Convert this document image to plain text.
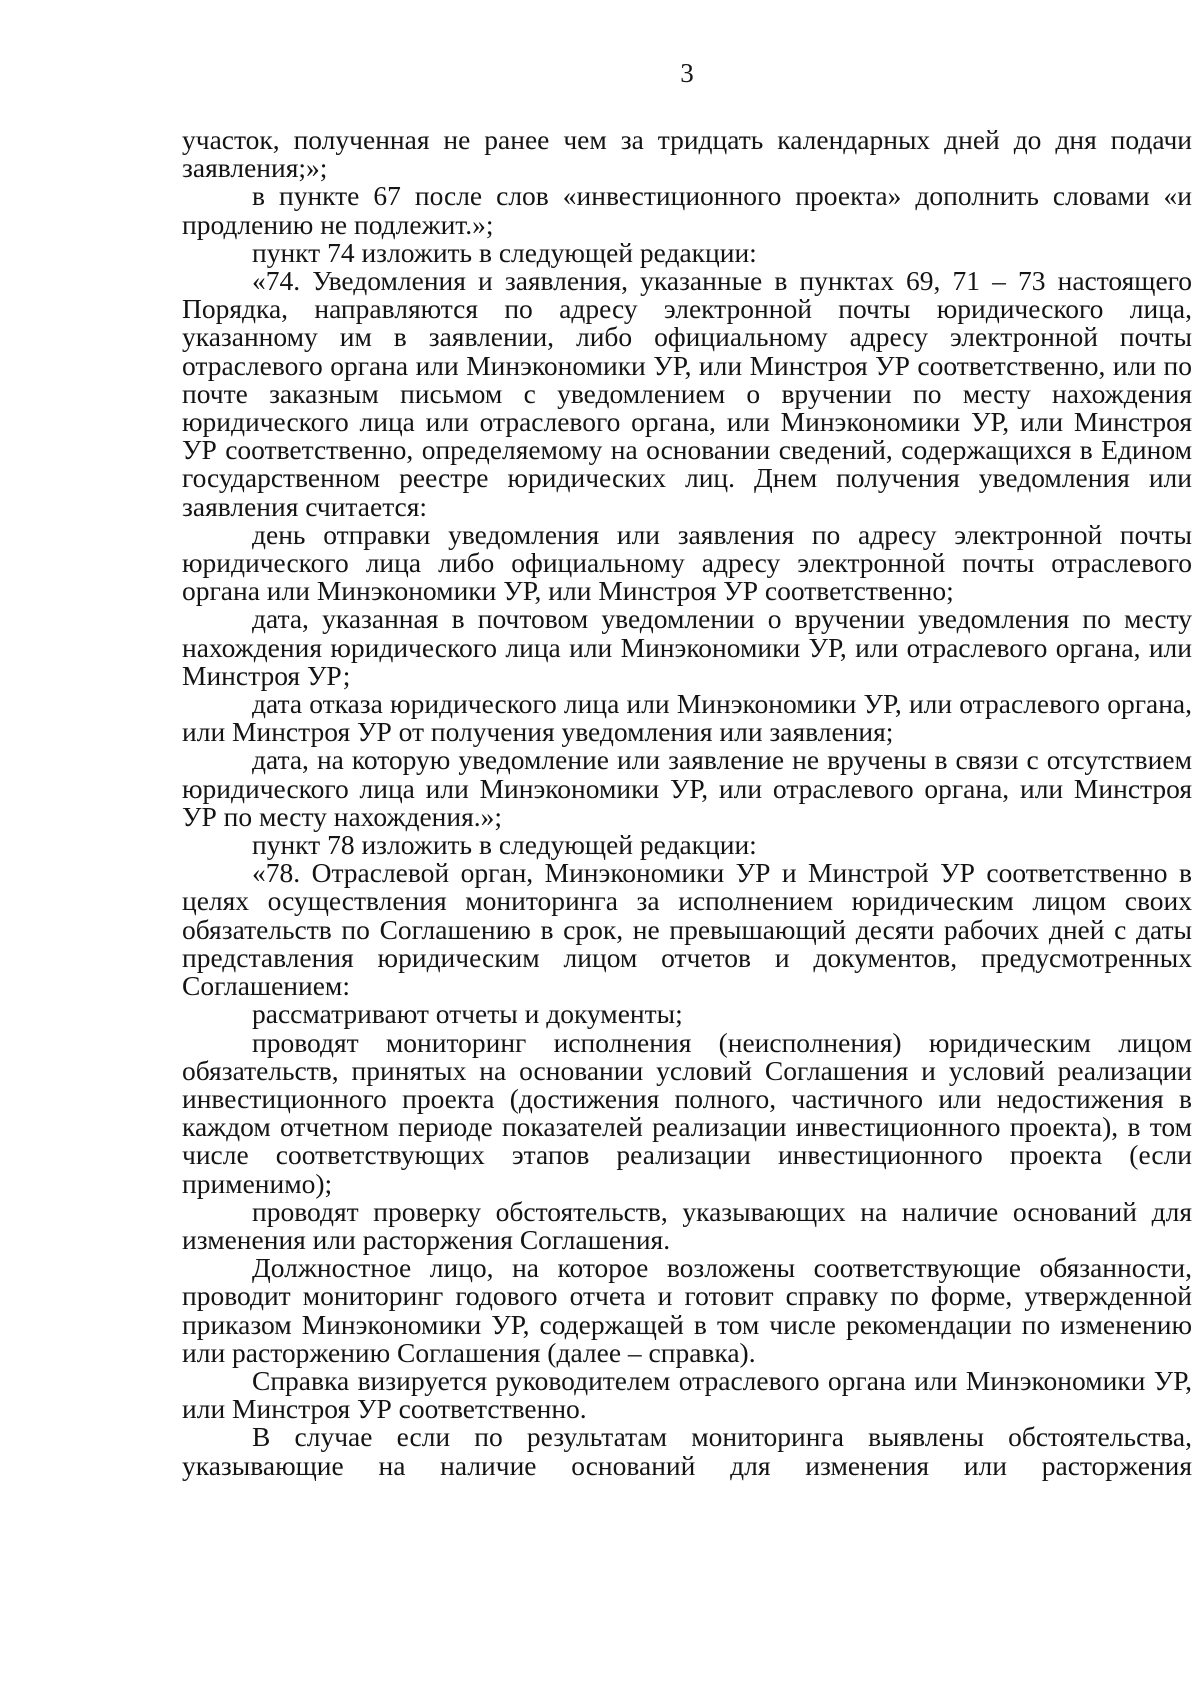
3

участок, полученная не ранее чем за тридцать календарных дней до дня подачи заявления;»;

в пункте 67 после слов «инвестиционного проекта» дополнить словами «и продлению не подлежит.»;

пункт 74 изложить в следующей редакции:

«74. Уведомления и заявления, указанные в пунктах 69, 71 – 73 настоящего Порядка, направляются по адресу электронной почты юридического лица, указанному им в заявлении, либо официальному адресу электронной почты отраслевого органа или Минэкономики УР, или Минстроя УР соответственно, или по почте заказным письмом с уведомлением о вручении по месту нахождения юридического лица или отраслевого органа, или Минэкономики УР, или Минстроя УР соответственно, определяемому на основании сведений, содержащихся в Едином государственном реестре юридических лиц. Днем получения уведомления или заявления считается:

день отправки уведомления или заявления по адресу электронной почты юридического лица либо официальному адресу электронной почты отраслевого органа или Минэкономики УР, или Минстроя УР соответственно;

дата, указанная в почтовом уведомлении о вручении уведомления по месту нахождения юридического лица или Минэкономики УР, или отраслевого органа, или Минстроя УР;

дата отказа юридического лица или Минэкономики УР, или отраслевого органа, или Минстроя УР от получения уведомления или заявления;

дата, на которую уведомление или заявление не вручены в связи с отсутствием юридического лица или Минэкономики УР, или отраслевого органа, или Минстроя УР по месту нахождения.»;

пункт 78 изложить в следующей редакции:

«78. Отраслевой орган, Минэкономики УР и Минстрой УР соответственно в целях осуществления мониторинга за исполнением юридическим лицом своих обязательств по Соглашению в срок, не превышающий десяти рабочих дней с даты представления юридическим лицом отчетов и документов, предусмотренных Соглашением:

рассматривают отчеты и документы;

проводят мониторинг исполнения (неисполнения) юридическим лицом обязательств, принятых на основании условий Соглашения и условий реализации инвестиционного проекта (достижения полного, частичного или недостижения в каждом отчетном периоде показателей реализации инвестиционного проекта), в том числе соответствующих этапов реализации инвестиционного проекта (если применимо);

проводят проверку обстоятельств, указывающих на наличие оснований для изменения или расторжения Соглашения.

Должностное лицо, на которое возложены соответствующие обязанности, проводит мониторинг годового отчета и готовит справку по форме, утвержденной приказом Минэкономики УР, содержащей в том числе рекомендации по изменению или расторжению Соглашения (далее – справка).

Справка визируется руководителем отраслевого органа или Минэкономики УР, или Минстроя УР соответственно.

В случае если по результатам мониторинга выявлены обстоятельства, указывающие на наличие оснований для изменения или расторжения
